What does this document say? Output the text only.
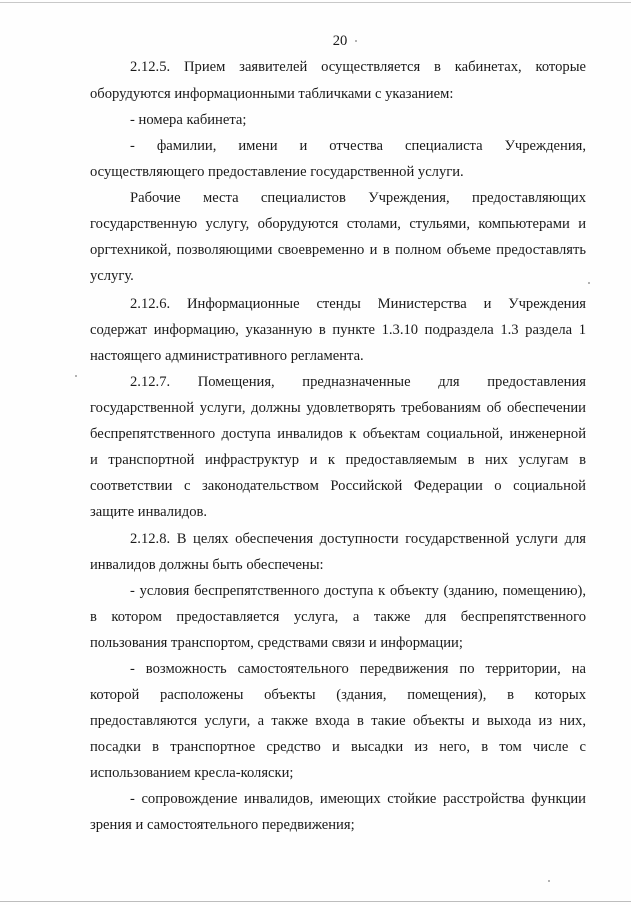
20
2.12.5. Прием заявителей осуществляется в кабинетах, которые
оборудуются информационными табличками с указанием:
- номера кабинета;
- фамилии, имени и отчества специалиста Учреждения,
осуществляющего предоставление государственной услуги.
Рабочие места специалистов Учреждения, предоставляющих
государственную услугу, оборудуются столами, стульями, компьютерами и
оргтехникой, позволяющими своевременно и в полном объеме предоставлять
услугу.
2.12.6. Информационные стенды Министерства и Учреждения
содержат информацию, указанную в пункте 1.3.10 подраздела 1.3 раздела 1
настоящего административного регламента.
2.12.7. Помещения, предназначенные для предоставления
государственной услуги, должны удовлетворять требованиям об обеспечении
беспрепятственного доступа инвалидов к объектам социальной, инженерной
и транспортной инфраструктур и к предоставляемым в них услугам в
соответствии с законодательством Российской Федерации о социальной
защите инвалидов.
2.12.8. В целях обеспечения доступности государственной услуги для
инвалидов должны быть обеспечены:
- условия беспрепятственного доступа к объекту (зданию, помещению),
в котором предоставляется услуга, а также для беспрепятственного
пользования транспортом, средствами связи и информации;
- возможность самостоятельного передвижения по территории, на
которой расположены объекты (здания, помещения), в которых
предоставляются услуги, а также входа в такие объекты и выхода из них,
посадки в транспортное средство и высадки из него, в том числе с
использованием кресла-коляски;
- сопровождение инвалидов, имеющих стойкие расстройства функции
зрения и самостоятельного передвижения;
